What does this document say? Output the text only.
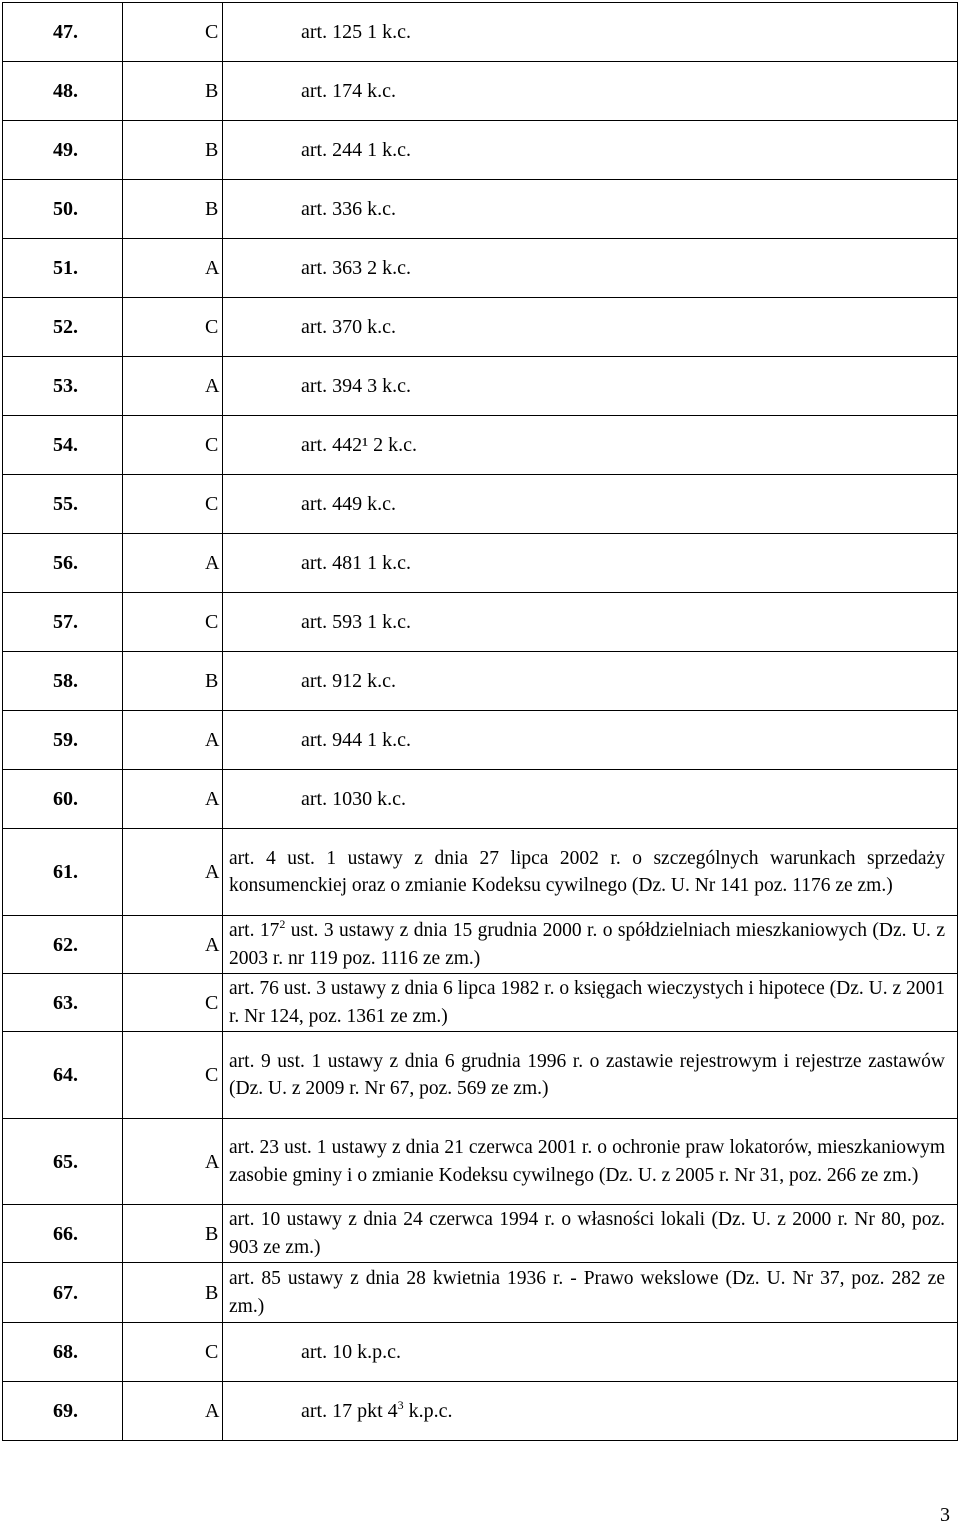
47.	C	art. 125 1 k.c.
48.	B	art. 174 k.c.
49.	B	art. 244 1 k.c.
50.	B	art. 336 k.c.
51.	A	art. 363 2 k.c.
52.	C	art. 370 k.c.
53.	A	art. 394 3 k.c.
54.	C	art. 442¹ 2 k.c.
55.	C	art. 449 k.c.
56.	A	art. 481 1 k.c.
57.	C	art. 593 1 k.c.
58.	B	art. 912 k.c.
59.	A	art. 944 1 k.c.
60.	A	art. 1030 k.c.
61.	A	art. 4 ust. 1 ustawy z dnia 27 lipca 2002 r. o szczególnych warunkach sprzedaży konsumenckiej oraz o zmianie Kodeksu cywilnego (Dz. U. Nr 141 poz. 1176 ze zm.)
62.	A	art. $17^2$ ust. 3 ustawy z dnia 15 grudnia 2000 r. o spółdzielniach mieszkaniowych (Dz. U. z 2003 r. nr 119 poz. 1116 ze zm.)
63.	C	art. 76 ust. 3 ustawy z dnia 6 lipca 1982 r. o księgach wieczystych i hipotece (Dz. U. z 2001 r. Nr 124, poz. 1361 ze zm.)
64.	C	art. 9 ust. 1 ustawy z dnia 6 grudnia 1996 r. o zastawie rejestrowym i rejestrze zastawów (Dz. U. z 2009 r. Nr 67, poz. 569 ze zm.)
65.	A	art. 23 ust. 1 ustawy z dnia 21 czerwca 2001 r. o ochronie praw lokatorów, mieszkaniowym zasobie gminy i o zmianie Kodeksu cywilnego (Dz. U. z 2005 r. Nr 31, poz. 266 ze zm.)
66.	B	art. 10 ustawy z dnia 24 czerwca 1994 r. o własności lokali (Dz. U. z 2000 r. Nr 80, poz. 903 ze zm.)
67.	B	art. 85 ustawy z dnia 28 kwietnia 1936 r. - Prawo wekslowe (Dz. U. Nr 37, poz. 282 ze zm.)
68.	C	art. 10 k.p.c.
69.	A	art. 17 pkt $4^3$ k.p.c.
3
